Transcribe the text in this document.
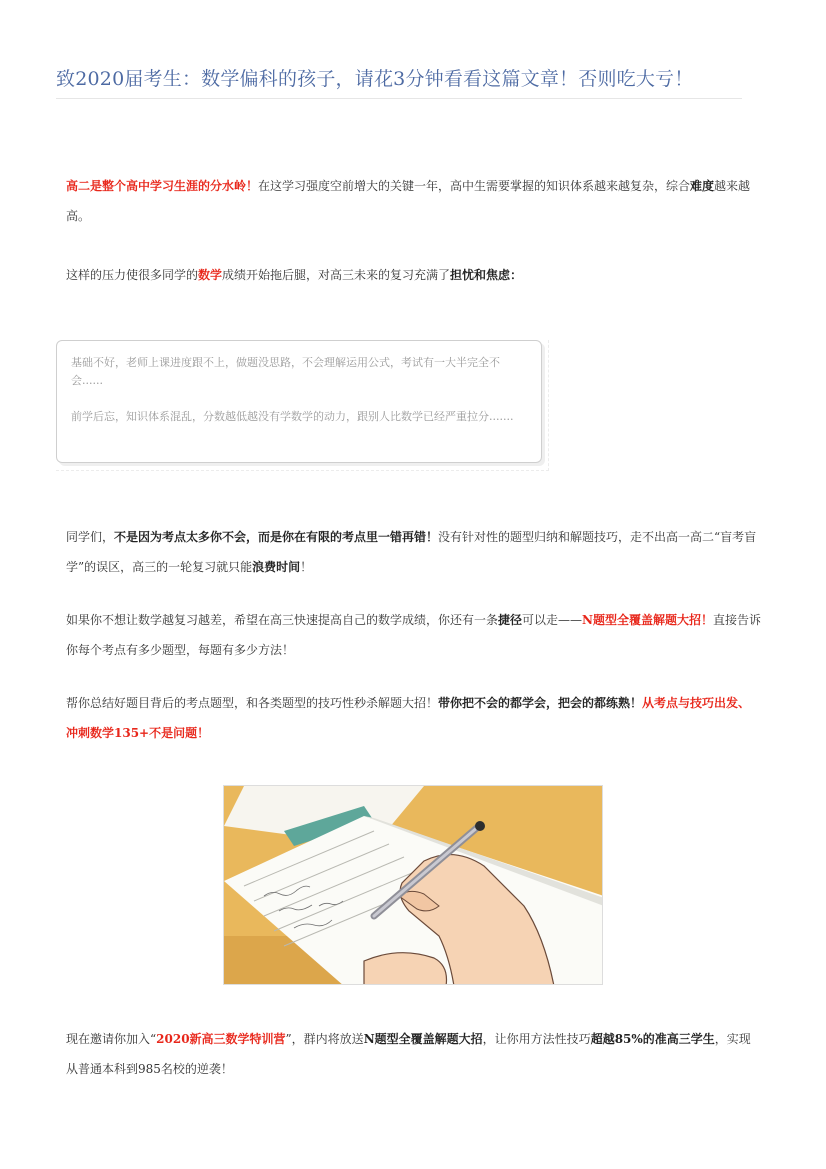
致2020届考生：数学偏科的孩子，请花3分钟看看这篇文章！否则吃大亏！
高二是整个高中学习生涯的分水岭！在这学习强度空前增大的关键一年，高中生需要掌握的知识体系越来越复杂，综合难度越来越高。
这样的压力使很多同学的数学成绩开始拖后腿，对高三未来的复习充满了担忧和焦虑：

基础不好，老师上课进度跟不上，做题没思路，不会理解运用公式，考试有一大半完全不会......

前学后忘，知识体系混乱，分数越低越没有学数学的动力，跟别人比数学已经严重拉分.......

同学们，不是因为考点太多你不会，而是你在有限的考点里一错再错！没有针对性的题型归纳和解题技巧，走不出高一高二“盲考盲学”的误区，高三的一轮复习就只能浪费时间！
如果你不想让数学越复习越差，希望在高三快速提高自己的数学成绩，你还有一条捷径可以走——N题型全覆盖解题大招！直接告诉你每个考点有多少题型，每题有多少方法！
帮你总结好题目背后的考点题型，和各类题型的技巧性秒杀解题大招！带你把不会的都学会，把会的都练熟！从考点与技巧出发、冲刺数学135+不是问题！
现在邀请你加入“2020新高三数学特训营”，群内将放送N题型全覆盖解题大招，让你用方法性技巧超越85%的准高三学生，实现从普通本科到985名校的逆袭！
